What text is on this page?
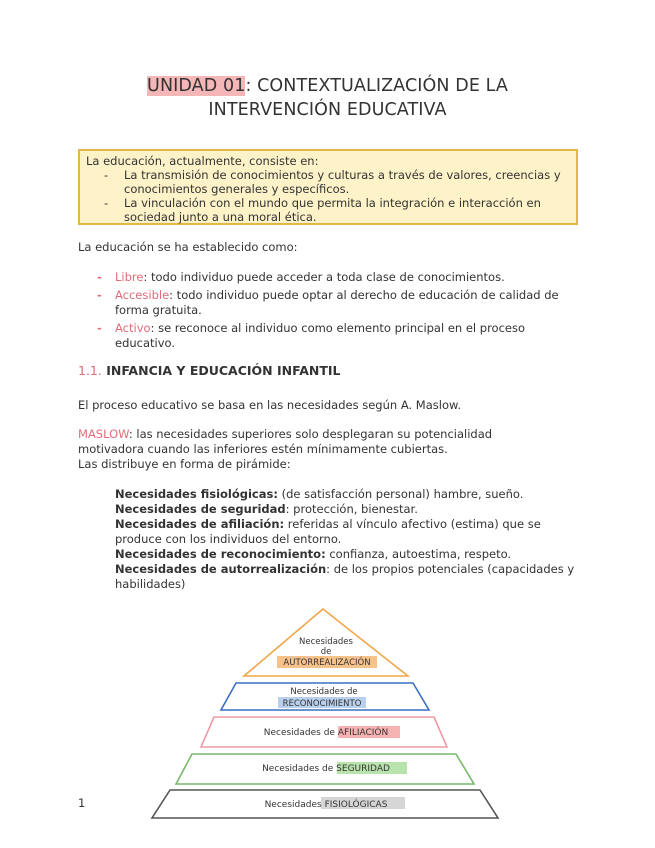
UNIDAD 01: CONTEXTUALIZACIÓN DE LA
INTERVENCIÓN EDUCATIVA
La educación, actualmente, consiste en:
- La transmisión de conocimientos y culturas a través de valores, creencias y conocimientos generales y específicos.
- La vinculación con el mundo que permita la integración e interacción en sociedad junto a una moral ética.
La educación se ha establecido como:
- Libre: todo individuo puede acceder a toda clase de conocimientos.
- Accesible: todo individuo puede optar al derecho de educación de calidad de forma gratuita.
- Activo: se reconoce al individuo como elemento principal en el proceso educativo.
1.1. INFANCIA Y EDUCACIÓN INFANTIL
El proceso educativo se basa en las necesidades según A. Maslow.
MASLOW: las necesidades superiores solo desplegaran su potencialidad motivadora cuando las inferiores estén mínimamente cubiertas.
Las distribuye en forma de pirámide:
Necesidades fisiológicas: (de satisfacción personal) hambre, sueño.
Necesidades de seguridad: protección, bienestar.
Necesidades de afiliación: referidas al vínculo afectivo (estima) que se produce con los individuos del entorno.
Necesidades de reconocimiento: confianza, autoestima, respeto.
Necesidades de autorrealización: de los propios potenciales (capacidades y habilidades)
Necesidades
de
AUTORREALIZACIÓN
Necesidades de
RECONOCIMIENTO
Necesidades de AFILIACIÓN
Necesidades de SEGURIDAD
Necesidades FISIOLÓGICAS
1
